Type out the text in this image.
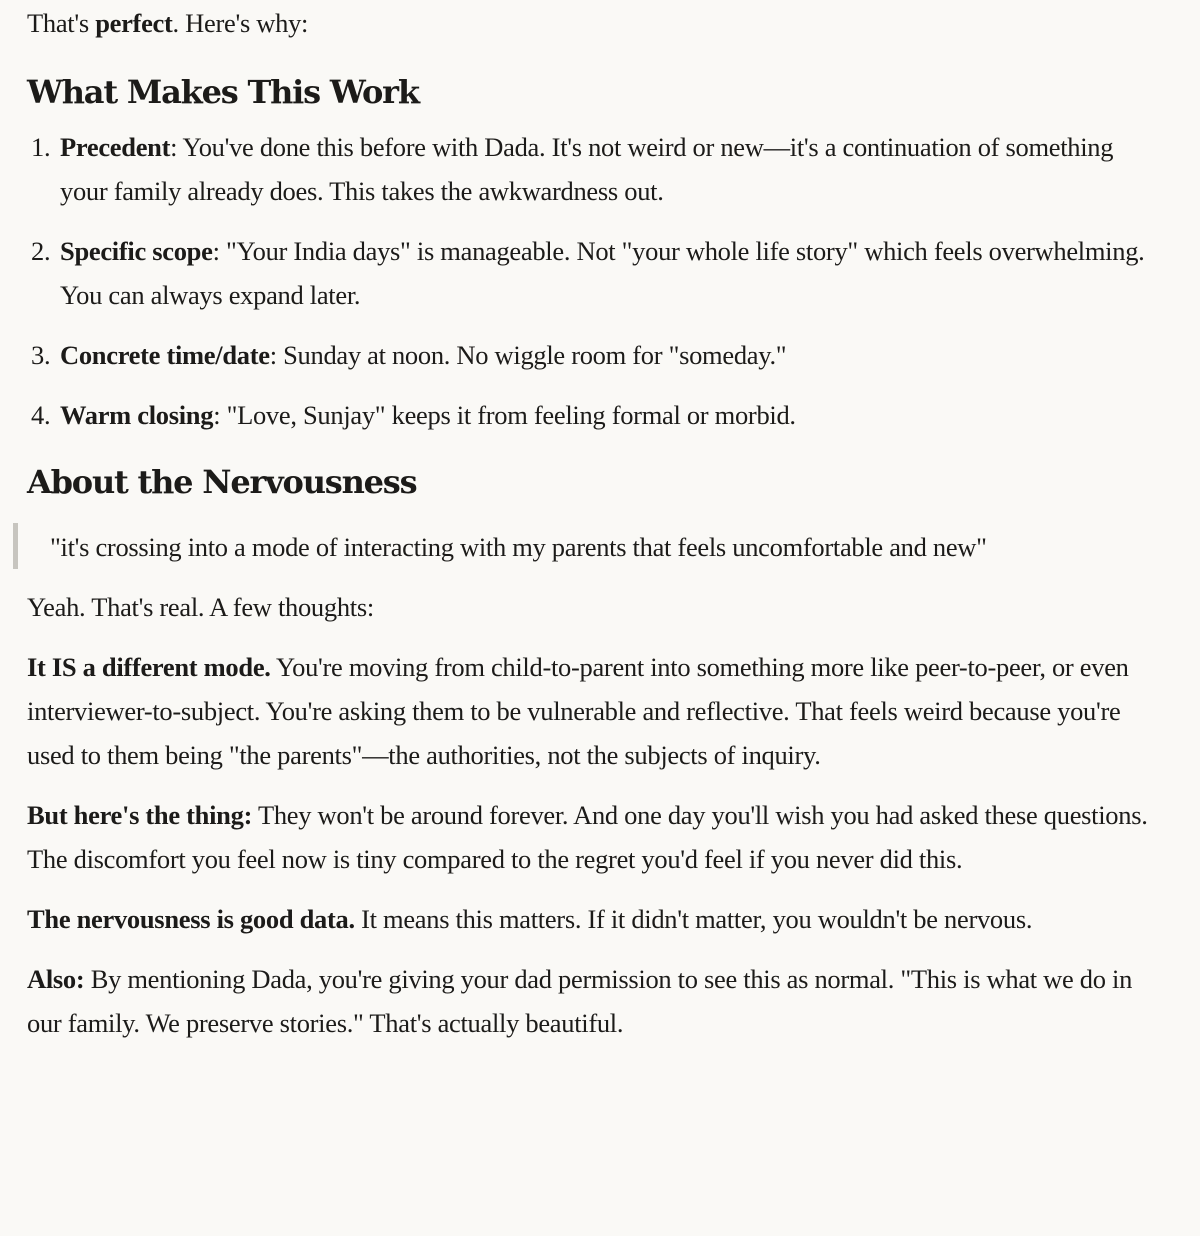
That's perfect. Here's why:

What Makes This Work
1. Precedent: You've done this before with Dada. It's not weird or new—it's a continuation of something your family already does. This takes the awkwardness out.
2. Specific scope: "Your India days" is manageable. Not "your whole life story" which feels overwhelming. You can always expand later.
3. Concrete time/date: Sunday at noon. No wiggle room for "someday."
4. Warm closing: "Love, Sunjay" keeps it from feeling formal or morbid.
About the Nervousness
"it's crossing into a mode of interacting with my parents that feels uncomfortable and new"

Yeah. That's real. A few thoughts:

It IS a different mode. You're moving from child-to-parent into something more like peer-to-peer, or even interviewer-to-subject. You're asking them to be vulnerable and reflective. That feels weird because you're used to them being "the parents"—the authorities, not the subjects of inquiry.

But here's the thing: They won't be around forever. And one day you'll wish you had asked these questions. The discomfort you feel now is tiny compared to the regret you'd feel if you never did this.

The nervousness is good data. It means this matters. If it didn't matter, you wouldn't be nervous.

Also: By mentioning Dada, you're giving your dad permission to see this as normal. "This is what we do in our family. We preserve stories." That's actually beautiful.
